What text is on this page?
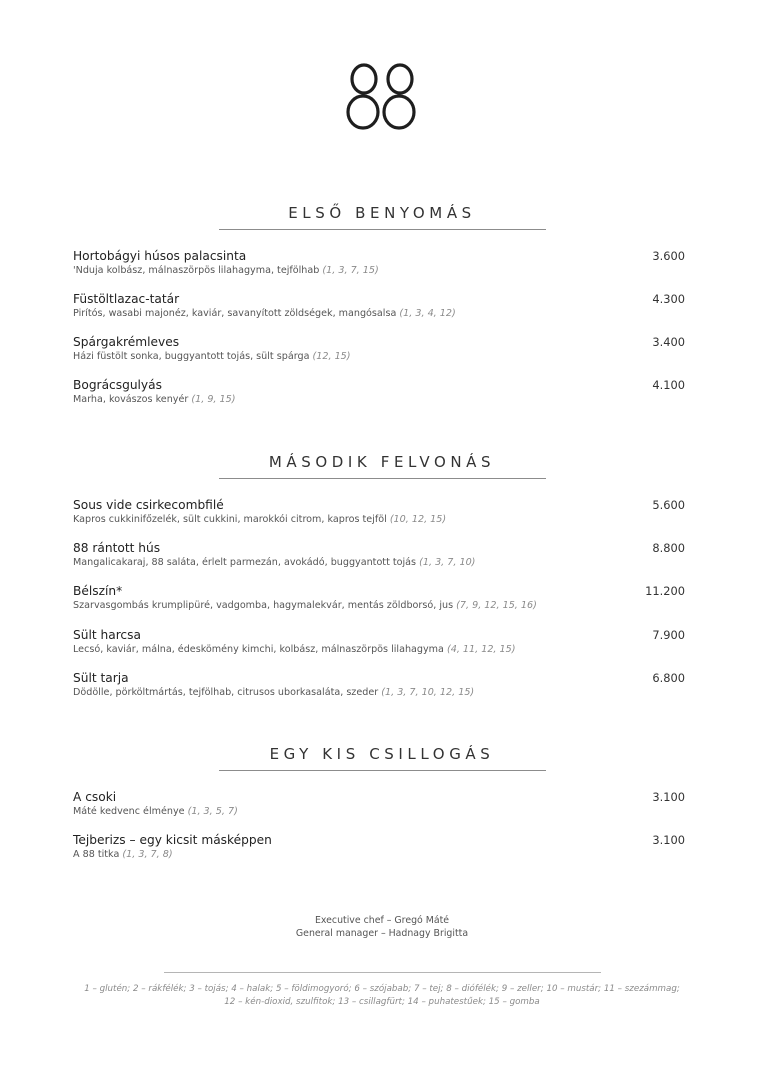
ELSŐ BENYOMÁS
Hortobágyi húsos palacsinta
'Nduja kolbász, málnaszörpös lilahagyma, tejfölhab (1, 3, 7, 15)
3.600
Füstöltlazac-tatár
Pirítós, wasabi majonéz, kaviár, savanyított zöldségek, mangósalsa (1, 3, 4, 12)
4.300
Spárgakrémleves
Házi füstölt sonka, buggyantott tojás, sült spárga (12, 15)
3.400
Bográcsgulyás
Marha, kovászos kenyér (1, 9, 15)
4.100
MÁSODIK FELVONÁS
Sous vide csirkecombfilé
Kapros cukkinifőzelék, sült cukkini, marokkói citrom, kapros tejföl (10, 12, 15)
5.600
88 rántott hús
Mangalicakaraj, 88 saláta, érlelt parmezán, avokádó, buggyantott tojás (1, 3, 7, 10)
8.800
Bélszín*
Szarvasgombás krumplipüré, vadgomba, hagymalekvár, mentás zöldborsó, jus (7, 9, 12, 15, 16)
11.200
Sült harcsa
Lecsó, kaviár, málna, édeskömény kimchi, kolbász, málnaszörpös lilahagyma (4, 11, 12, 15)
7.900
Sült tarja
Dödölle, pörköltmártás, tejfölhab, citrusos uborkasaláta, szeder (1, 3, 7, 10, 12, 15)
6.800
EGY KIS CSILLOGÁS
A csoki
Máté kedvenc élménye (1, 3, 5, 7)
3.100
Tejberizs – egy kicsit másképpen
A 88 titka (1, 3, 7, 8)
3.100
Executive chef – Gregó Máté
General manager – Hadnagy Brigitta
1 – glutén; 2 – rákfélék; 3 – tojás; 4 – halak; 5 – földimogyoró; 6 – szójabab; 7 – tej; 8 – diófélék; 9 – zeller; 10 – mustár; 11 – szezámmag;
12 – kén-dioxid, szulfitok; 13 – csillagfürt; 14 – puhatestűek; 15 – gomba
